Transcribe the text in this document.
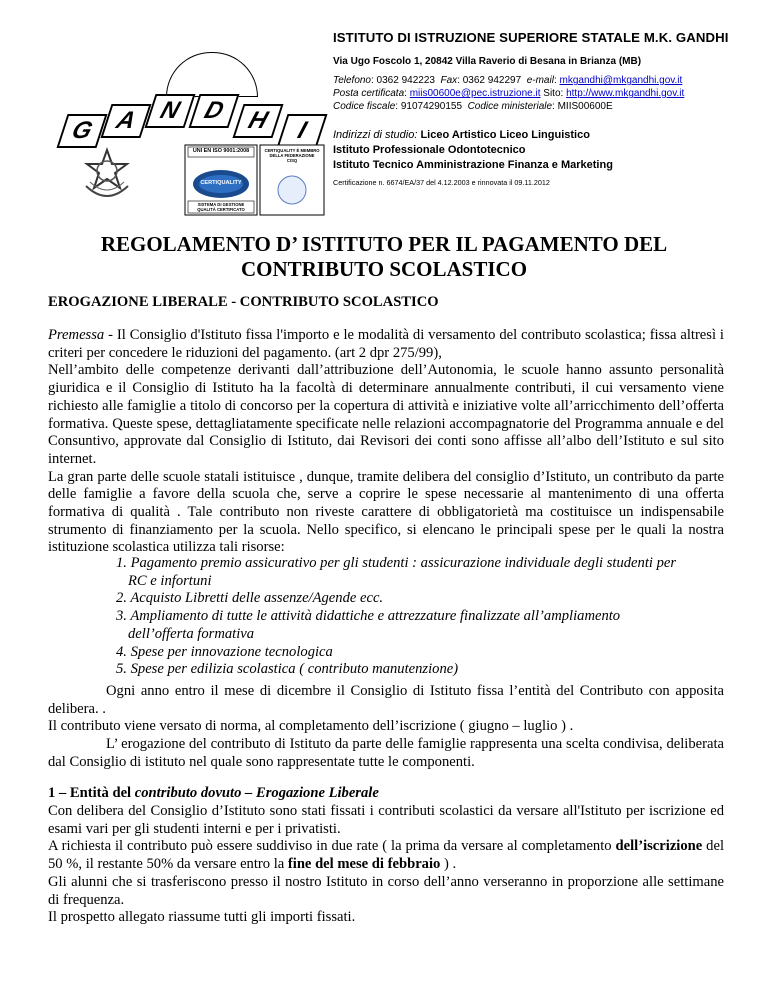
G A N D H I
UNI EN ISO 9001:2008
CERTIQUALITY
SISTEMA DI GESTIONE QUALITÀ CERTIFICATO
CERTIQUALITY È MEMBRO DELLA FEDERAZIONE CISQ
ISTITUTO DI ISTRUZIONE SUPERIORE STATALE M.K. GANDHI
Via Ugo Foscolo 1, 20842 Villa Raverio di Besana in Brianza (MB)
Telefono: 0362 942223 Fax: 0362 942297 e-mail: mkgandhi@mkgandhi.gov.it
Posta certificata: miis00600e@pec.istruzione.it Sito: http://www.mkgandhi.gov.it
Codice fiscale: 91074290155 Codice ministeriale: MIIS00600E
Indirizzi di studio: Liceo Artistico Liceo Linguistico
Istituto Professionale Odontotecnico
Istituto Tecnico Amministrazione Finanza e Marketing
Certificazione n. 6674/EA/37 del 4.12.2003 e rinnovata il 09.11.2012
REGOLAMENTO D’ ISTITUTO PER IL PAGAMENTO DEL
CONTRIBUTO SCOLASTICO
EROGAZIONE LIBERALE - CONTRIBUTO SCOLASTICO
Premessa - Il Consiglio d'Istituto fissa l'importo e le modalità di versamento del contributo scolastica; fissa altresì i criteri per concedere le riduzioni del pagamento. (art 2 dpr 275/99),
Nell’ambito delle competenze derivanti dall’attribuzione dell’Autonomia, le scuole hanno assunto personalità giuridica e il Consiglio di Istituto ha la facoltà di determinare annualmente contributi, il cui versamento viene richiesto alle famiglie a titolo di concorso per la copertura di attività e iniziative volte all’arricchimento dell’offerta formativa. Queste spese, dettagliatamente specificate nelle relazioni accompagnatorie del Programma annuale e del Consuntivo, approvate dal Consiglio di Istituto, dai Revisori dei conti sono affisse all’albo dell’Istituto e sul sito internet.
La gran parte delle scuole statali istituisce , dunque, tramite delibera del consiglio d’Istituto, un contributo da parte delle famiglie a favore della scuola che, serve a coprire le spese necessarie al mantenimento di una offerta formativa di qualità . Tale contributo non riveste carattere di obbligatorietà ma costituisce un indispensabile strumento di finanziamento per la scuola. Nello specifico, si elencano le principali spese per le quali la nostra istituzione scolastica utilizza tali risorse:
1. Pagamento premio assicurativo per gli studenti : assicurazione individuale degli studenti per
RC e infortuni
2. Acquisto Libretti delle assenze/Agende ecc.
3. Ampliamento di tutte le attività didattiche e attrezzature finalizzate all’ampliamento
dell’offerta formativa
4. Spese per innovazione tecnologica
5. Spese per edilizia scolastica ( contributo manutenzione)
Ogni anno entro il mese di dicembre il Consiglio di Istituto fissa l’entità del Contributo con apposita delibera. .
Il contributo viene versato di norma, al completamento dell’iscrizione ( giugno – luglio ) .
L’ erogazione del contributo di Istituto da parte delle famiglie rappresenta una scelta condivisa, deliberata dal Consiglio di istituto nel quale sono rappresentate tutte le componenti.
1 – Entità del contributo dovuto – Erogazione Liberale
Con delibera del Consiglio d’Istituto sono stati fissati i contributi scolastici da versare all'Istituto per iscrizione ed esami vari per gli studenti interni e per i privatisti.
A richiesta il contributo può essere suddiviso in due rate ( la prima da versare al completamento dell’iscrizione del 50 %, il restante 50% da versare entro la fine del mese di febbraio ) .
Gli alunni che si trasferiscono presso il nostro Istituto in corso dell’anno verseranno in proporzione alle settimane di frequenza.
Il prospetto allegato riassume tutti gli importi fissati.
